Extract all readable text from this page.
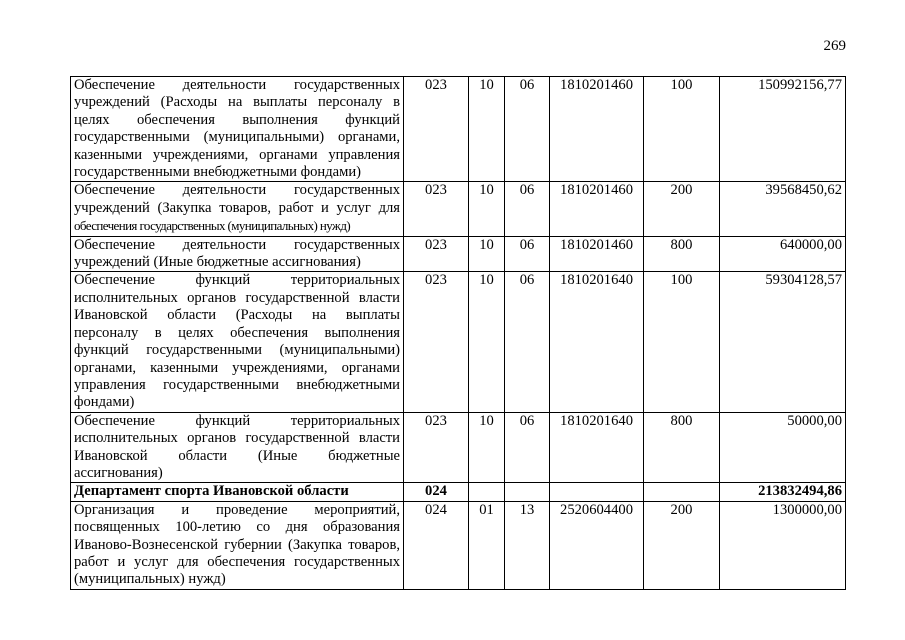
269
Обеспечение деятельности государственных учреждений (Расходы на выплаты персоналу в целях обеспечения выполнения функций государственными (муниципальными) органами, казенными учреждениями, органами управления государственными внебюджетными фондами)	023	10	06	1810201460	100	150992156,77
Обеспечение деятельности государственных учреждений (Закупка товаров, работ и услуг для обеспечения государственных (муниципальных) нужд)	023	10	06	1810201460	200	39568450,62
Обеспечение деятельности государственных учреждений (Иные бюджетные ассигнования)	023	10	06	1810201460	800	640000,00
Обеспечение функций территориальных исполнительных органов государственной власти Ивановской области (Расходы на выплаты персоналу в целях обеспечения выполнения функций государственными (муниципальными) органами, казенными учреждениями, органами управления государственными внебюджетными фондами)	023	10	06	1810201640	100	59304128,57
Обеспечение функций территориальных исполнительных органов государственной власти Ивановской области (Иные бюджетные ассигнования)	023	10	06	1810201640	800	50000,00
Департамент спорта Ивановской области	024					213832494,86
Организация и проведение мероприятий, посвященных 100-летию со дня образования Иваново-Вознесенской губернии (Закупка товаров, работ и услуг для обеспечения государственных (муниципальных) нужд)	024	01	13	2520604400	200	1300000,00
